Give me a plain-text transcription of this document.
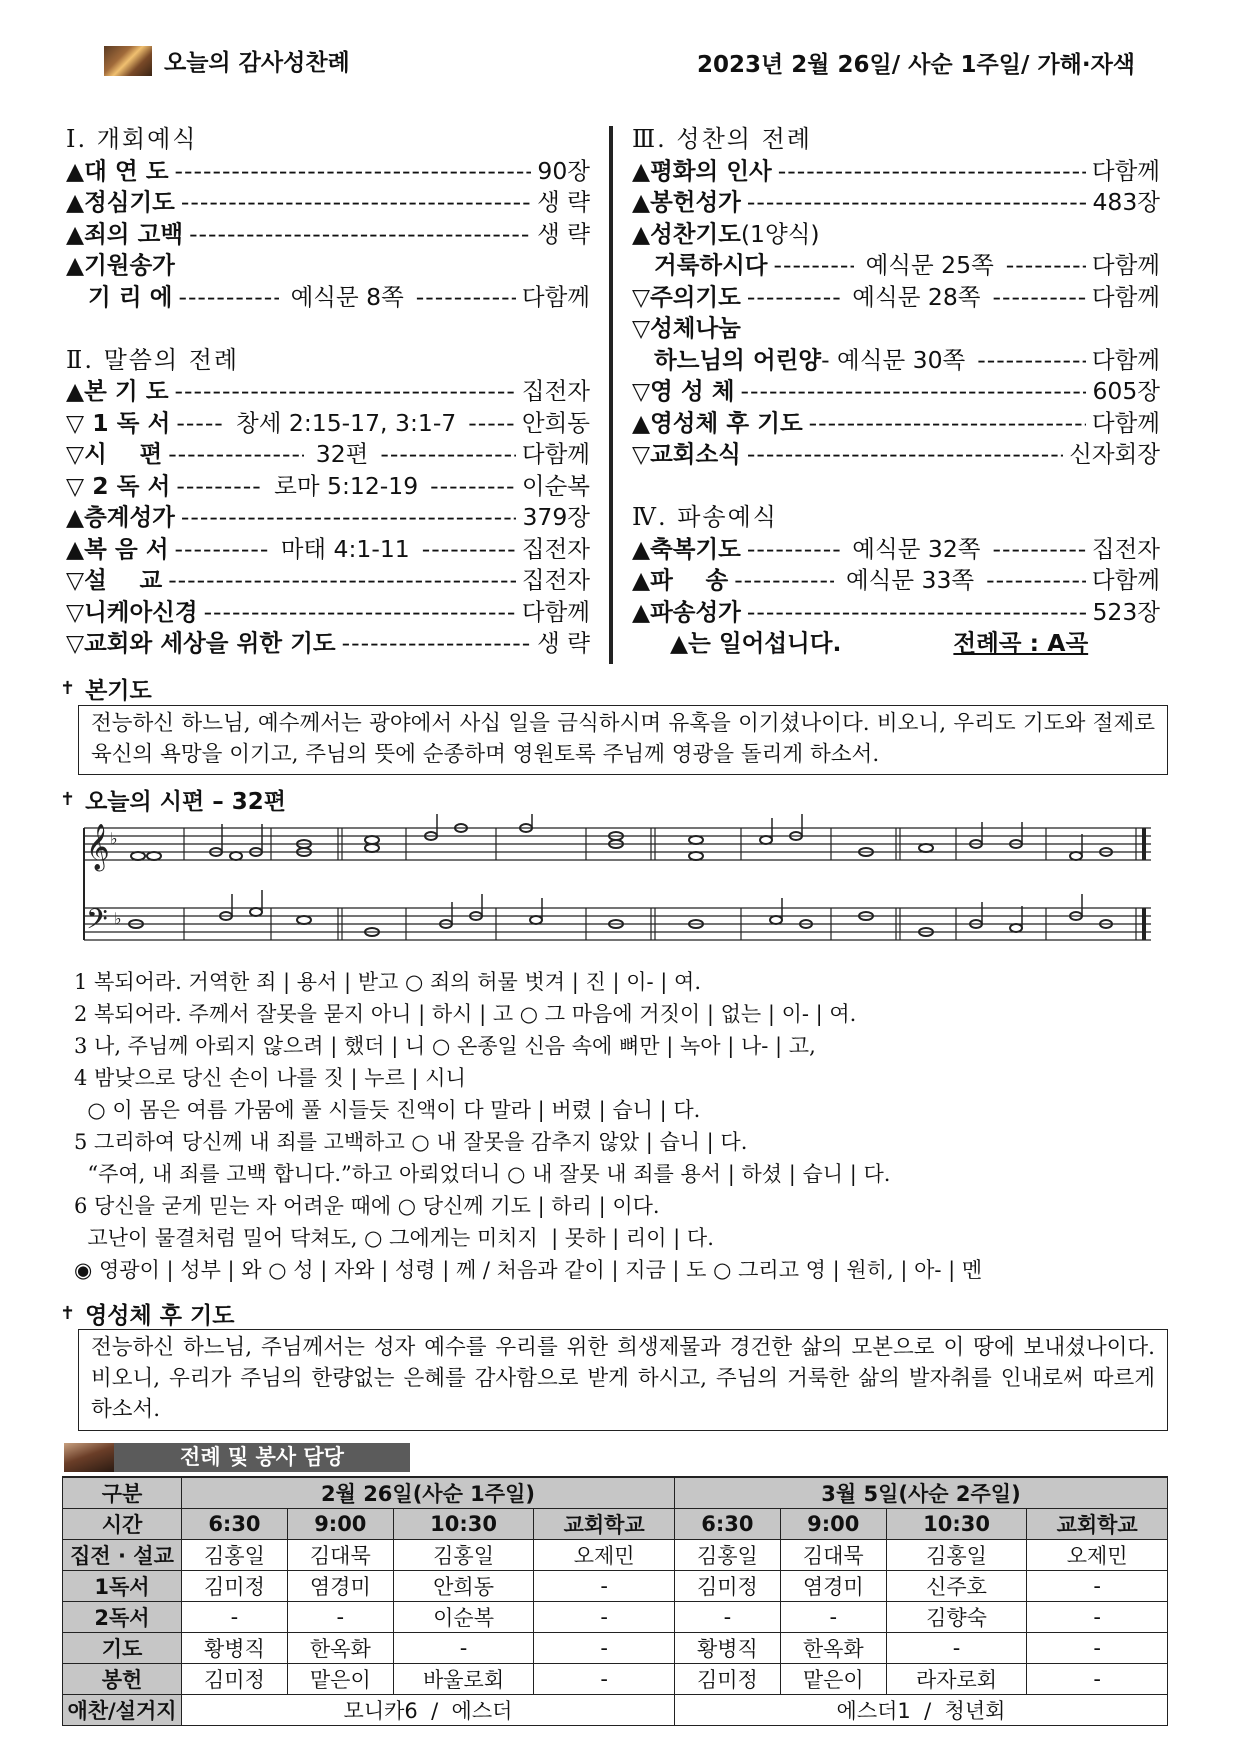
오늘의 감사성찬례	2023년 2월 26일/ 사순 1주일/ 가해·자색
Ⅰ. 개회예식
▲대 연 도 -----	90장
▲정심기도 -----	생 략
▲죄의 고백 -----	생 략
▲기원송가
기 리 에 -----	예식문 8쪽 -----	다함께
Ⅱ. 말씀의 전례
▲본 기 도 -----	집전자
▽ 1 독 서 -----	창세 2:15-17, 3:1-7 -----	안희동
▽시    편 -----	32편 -----	다함께
▽ 2 독 서 -----	로마 5:12-19 -----	이순복
▲층계성가 -----	379장
▲복 음 서 -----	마태 4:1-11 -----	집전자
▽설    교 -----	집전자
▽니케아신경 -----	다함께
▽교회와 세상을 위한 기도 -----	생 략
Ⅲ. 성찬의 전례
▲평화의 인사 -----	다함께
▲봉헌성가 -----	483장
▲성찬기도 (1양식)
거룩하시다 -----	예식문 25쪽 -----	다함께
▽주의기도 -----	예식문 28쪽 -----	다함께
▽성체나눔
하느님의 어린양 - 예식문 30쪽 -----	다함께
▽영 성 체 -----	605장
▲영성체 후 기도 -----	다함께
▽교회소식 -----	신자회장
Ⅳ. 파송예식
▲축복기도 -----	예식문 32쪽 -----	집전자
▲파    송 -----	예식문 33쪽 -----	다함께
▲파송성가 -----	523장
▲는 일어섭니다.	전례곡 : A곡
✝ 본기도
전능하신 하느님, 예수께서는 광야에서 사십 일을 금식하시며 유혹을 이기셨나이다. 비오니, 우리도 기도와 절제로 육신의 욕망을 이기고, 주님의 뜻에 순종하며 영원토록 주님께 영광을 돌리게 하소서.
✝ 오늘의 시편 – 32편
𝄞 ♭
𝄢 ♭
1 복되어라. 거역한 죄 | 용서 | 받고 ○ 죄의 허물 벗겨 | 진 | 이- | 여.
2 복되어라. 주께서 잘못을 묻지 아니 | 하시 | 고 ○ 그 마음에 거짓이 | 없는 | 이- | 여.
3 나, 주님께 아뢰지 않으려 | 했더 | 니 ○ 온종일 신음 속에 뼈만 | 녹아 | 나- | 고,
4 밤낮으로 당신 손이 나를 짓 | 누르 | 시니
○ 이 몸은 여름 가뭄에 풀 시들듯 진액이 다 말라 | 버렸 | 습니 | 다.
5 그리하여 당신께 내 죄를 고백하고 ○ 내 잘못을 감추지 않았 | 습니 | 다.
“주여, 내 죄를 고백 합니다.”하고 아뢰었더니 ○ 내 잘못 내 죄를 용서 | 하셨 | 습니 | 다.
6 당신을 굳게 믿는 자 어려운 때에 ○ 당신께 기도 | 하리 | 이다.
고난이 물결처럼 밀어 닥쳐도, ○ 그에게는 미치지  | 못하 | 리이 | 다.
◉ 영광이 | 성부 | 와 ○ 성 | 자와 | 성령 | 께 / 처음과 같이 | 지금 | 도 ○ 그리고 영 | 원히, | 아- | 멘
✝ 영성체 후 기도
전능하신 하느님, 주님께서는 성자 예수를 우리를 위한 희생제물과 경건한 삶의 모본으로 이 땅에 보내셨나이다. 비오니, 우리가 주님의 한량없는 은혜를 감사함으로 받게 하시고, 주님의 거룩한 삶의 발자취를 인내로써 따르게 하소서.
전례 및 봉사 담당
구분	2월 26일(사순 1주일)				3월 5일(사순 2주일)			
시간	6:30	9:00	10:30	교회학교	6:30	9:00	10:30	교회학교
집전 · 설교	김홍일	김대묵	김홍일	오제민	김홍일	김대묵	김홍일	오제민
1독서	김미정	염경미	안희동	-	김미정	염경미	신주호	-
2독서	-	-	이순복	-	-	-	김향숙	-
기도	황병직	한옥화	-	-	황병직	한옥화	-	-
봉헌	김미정	맡은이	바울로회	-	김미정	맡은이	라자로회	-
애찬/설거지	모니카6  /  에스더				에스더1  /  청년회			
